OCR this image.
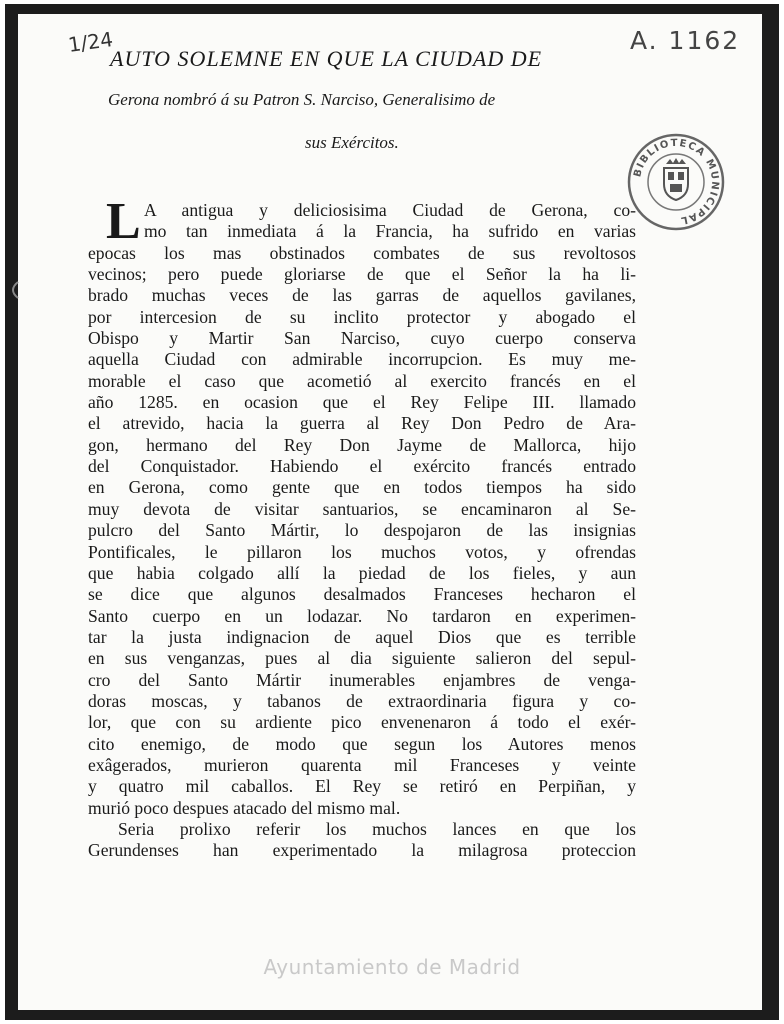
1/24	A. 1162
AUTO SOLEMNE EN QUE LA CIUDAD DE
Gerona nombró á su Patron S. Narciso, Generalisimo de
sus Exércitos.
BIBLIOTECA MUNICIPAL
L A antigua y deliciosisima Ciudad de Gerona, co-
mo tan inmediata á la Francia, ha sufrido en varias
epocas los mas obstinados combates de sus revoltosos
vecinos; pero puede gloriarse de que el Señor la ha li-
brado muchas veces de las garras de aquellos gavilanes,
por intercesion de su inclito protector y abogado el
Obispo y Martir San Narciso, cuyo cuerpo conserva
aquella Ciudad con admirable incorrupcion. Es muy me-
morable el caso que acometió al exercito francés en el
año 1285. en ocasion que el Rey Felipe III. llamado
el atrevido, hacia la guerra al Rey Don Pedro de Ara-
gon, hermano del Rey Don Jayme de Mallorca, hijo
del Conquistador. Habiendo el exército francés entrado
en Gerona, como gente que en todos tiempos ha sido
muy devota de visitar santuarios, se encaminaron al Se-
pulcro del Santo Mártir, lo despojaron de las insignias
Pontificales, le pillaron los muchos votos, y ofrendas
que habia colgado allí la piedad de los fieles, y aun
se dice que algunos desalmados Franceses hecharon el
Santo cuerpo en un lodazar. No tardaron en experimen-
tar la justa indignacion de aquel Dios que es terrible
en sus venganzas, pues al dia siguiente salieron del sepul-
cro del Santo Mártir inumerables enjambres de venga-
doras moscas, y tabanos de extraordinaria figura y co-
lor, que con su ardiente pico envenenaron á todo el exér-
cito enemigo, de modo que segun los Autores menos
exâgerados, murieron quarenta mil Franceses y veinte
y quatro mil caballos. El Rey se retiró en Perpiñan, y
murió poco despues atacado del mismo mal.
Seria prolixo referir los muchos lances en que los
Gerundenses han experimentado la milagrosa proteccion
Ayuntamiento de Madrid
